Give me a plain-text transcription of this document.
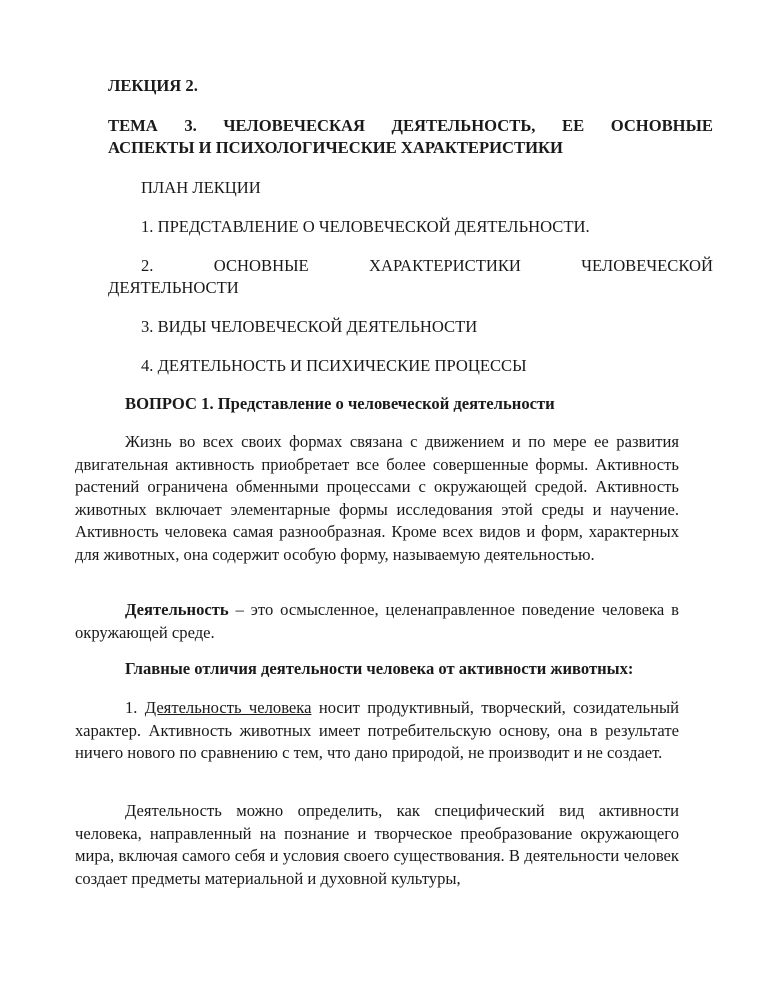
ЛЕКЦИЯ 2.
ТЕМА 3. ЧЕЛОВЕЧЕСКАЯ ДЕЯТЕЛЬНОСТЬ, ЕЕ ОСНОВНЫЕ
АСПЕКТЫ И ПСИХОЛОГИЧЕСКИЕ ХАРАКТЕРИСТИКИ
ПЛАН ЛЕКЦИИ
1. ПРЕДСТАВЛЕНИЕ О ЧЕЛОВЕЧЕСКОЙ ДЕЯТЕЛЬНОСТИ.
2.	ОСНОВНЫЕ	ХАРАКТЕРИСТИКИ	ЧЕЛОВЕЧЕСКОЙ
ДЕЯТЕЛЬНОСТИ
3. ВИДЫ ЧЕЛОВЕЧЕСКОЙ ДЕЯТЕЛЬНОСТИ
4. ДЕЯТЕЛЬНОСТЬ И ПСИХИЧЕСКИЕ ПРОЦЕССЫ
ВОПРОС 1. Представление о человеческой деятельности

Жизнь во всех своих формах связана с движением и по мере ее развития двигательная активность приобретает все более совершенные формы. Активность растений ограничена обменными процессами с окружающей средой. Активность животных включает элементарные формы исследования этой среды и научение. Активность человека самая разнообразная. Кроме всех видов и форм, характерных для животных, она содержит особую форму, называемую деятельностью.

Деятельность – это осмысленное, целенаправленное поведение человека в окружающей среде.

Главные отличия деятельности человека от активности животных:

1. Деятельность человека носит продуктивный, творческий, созидательный характер. Активность животных имеет потребительскую основу, она в результате ничего нового по сравнению с тем, что дано природой, не производит и не создает.

Деятельность можно определить, как специфический вид активности человека, направленный на познание и творческое преобразование окружающего мира, включая самого себя и условия своего существования. В деятельности человек создает предметы материальной и духовной культуры,
